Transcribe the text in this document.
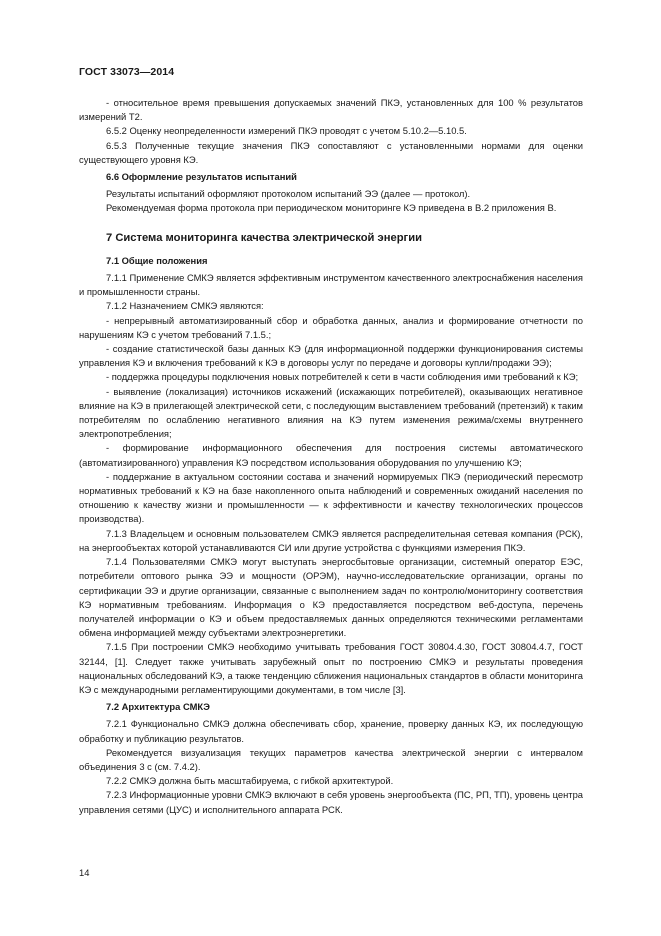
ГОСТ 33073—2014

- относительное время превышения допускаемых значений ПКЭ, установленных для 100 % результатов измерений Т2.

6.5.2 Оценку неопределенности измерений ПКЭ проводят с учетом 5.10.2—5.10.5.

6.5.3 Полученные текущие значения ПКЭ сопоставляют с установленными нормами для оценки существующего уровня КЭ.

6.6 Оформление результатов испытаний

Результаты испытаний оформляют протоколом испытаний ЭЭ (далее — протокол).

Рекомендуемая форма протокола при периодическом мониторинге КЭ приведена в В.2 приложения В.

7 Система мониторинга качества электрической энергии

7.1 Общие положения

7.1.1 Применение СМКЭ является эффективным инструментом качественного электроснабжения населения и промышленности страны.

7.1.2 Назначением СМКЭ являются:

- непрерывный автоматизированный сбор и обработка данных, анализ и формирование отчетности по нарушениям КЭ с учетом требований 7.1.5.;

- создание статистической базы данных КЭ (для информационной поддержки функционирования системы управления КЭ и включения требований к КЭ в договоры услуг по передаче и договоры купли/продажи ЭЭ);

- поддержка процедуры подключения новых потребителей к сети в части соблюдения ими требований к КЭ;

- выявление (локализация) источников искажений (искажающих потребителей), оказывающих негативное влияние на КЭ в прилегающей электрической сети, с последующим выставлением требований (претензий) к таким потребителям по ослаблению негативного влияния на КЭ путем изменения режима/схемы внутреннего электропотребления;

- формирование информационного обеспечения для построения системы автоматического (автоматизированного) управления КЭ посредством использования оборудования по улучшению КЭ;

- поддержание в актуальном состоянии состава и значений нормируемых ПКЭ (периодический пересмотр нормативных требований к КЭ на базе накопленного опыта наблюдений и современных ожиданий населения по отношению к качеству жизни и промышленности — к эффективности и качеству технологических процессов производства).

7.1.3 Владельцем и основным пользователем СМКЭ является распределительная сетевая компания (РСК), на энергообъектах которой устанавливаются СИ или другие устройства с функциями измерения ПКЭ.

7.1.4 Пользователями СМКЭ могут выступать энергосбытовые организации, системный оператор ЕЭС, потребители оптового рынка ЭЭ и мощности (ОРЭМ), научно-исследовательские организации, органы по сертификации ЭЭ и другие организации, связанные с выполнением задач по контролю/мониторингу соответствия КЭ нормативным требованиям. Информация о КЭ предоставляется посредством веб-доступа, перечень получателей информации о КЭ и объем предоставляемых данных определяются техническими регламентами обмена информацией между субъектами электроэнергетики.

7.1.5 При построении СМКЭ необходимо учитывать требования ГОСТ 30804.4.30, ГОСТ 30804.4.7, ГОСТ 32144, [1]. Следует также учитывать зарубежный опыт по построению СМКЭ и результаты проведения национальных обследований КЭ, а также тенденцию сближения национальных стандартов в области мониторинга КЭ с международными регламентирующими документами, в том числе [3].

7.2 Архитектура СМКЭ

7.2.1 Функционально СМКЭ должна обеспечивать сбор, хранение, проверку данных КЭ, их последующую обработку и публикацию результатов.

Рекомендуется визуализация текущих параметров качества электрической энергии с интервалом объединения 3 с (см. 7.4.2).

7.2.2 СМКЭ должна быть масштабируема, с гибкой архитектурой.

7.2.3 Информационные уровни СМКЭ включают в себя уровень энергообъекта (ПС, РП, ТП), уровень центра управления сетями (ЦУС) и исполнительного аппарата РСК.

14
